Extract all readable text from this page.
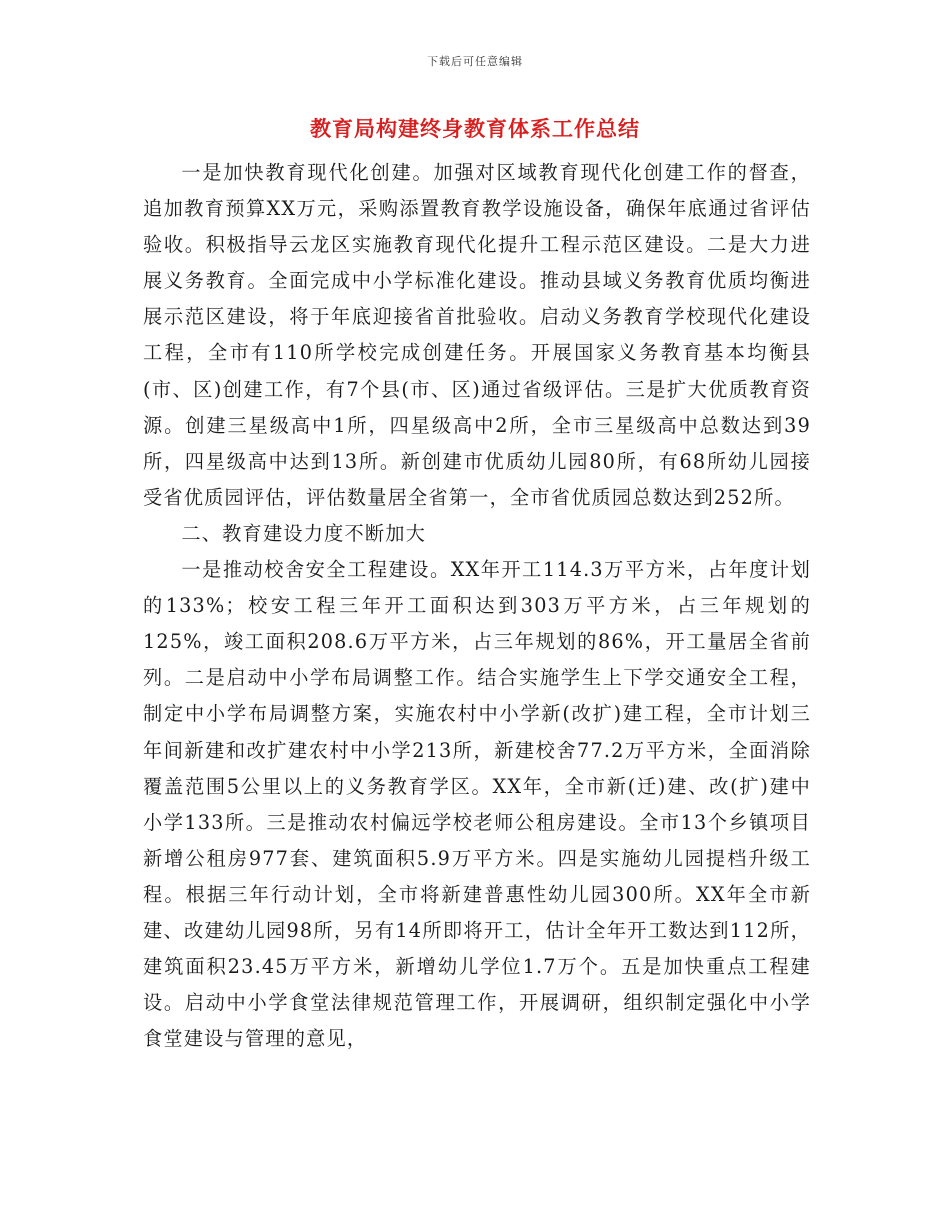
下载后可任意编辑
教育局构建终身教育体系工作总结

一是加快教育现代化创建。加强对区域教育现代化创建工作的督查，追加教育预算XX万元，采购添置教育教学设施设备，确保年底通过省评估验收。积极指导云龙区实施教育现代化提升工程示范区建设。二是大力进展义务教育。全面完成中小学标准化建设。推动县域义务教育优质均衡进展示范区建设，将于年底迎接省首批验收。启动义务教育学校现代化建设工程，全市有110所学校完成创建任务。开展国家义务教育基本均衡县(市、区)创建工作，有7个县(市、区)通过省级评估。三是扩大优质教育资源。创建三星级高中1所，四星级高中2所，全市三星级高中总数达到39所，四星级高中达到13所。新创建市优质幼儿园80所，有68所幼儿园接受省优质园评估，评估数量居全省第一，全市省优质园总数达到252所。

二、教育建设力度不断加大

一是推动校舍安全工程建设。XX年开工114.3万平方米，占年度计划的133%；校安工程三年开工面积达到303万平方米，占三年规划的125%，竣工面积208.6万平方米，占三年规划的86%，开工量居全省前列。二是启动中小学布局调整工作。结合实施学生上下学交通安全工程，制定中小学布局调整方案，实施农村中小学新(改扩)建工程，全市计划三年间新建和改扩建农村中小学213所，新建校舍77.2万平方米，全面消除覆盖范围5公里以上的义务教育学区。XX年，全市新(迁)建、改(扩)建中小学133所。三是推动农村偏远学校老师公租房建设。全市13个乡镇项目新增公租房977套、建筑面积5.9万平方米。四是实施幼儿园提档升级工程。根据三年行动计划，全市将新建普惠性幼儿园300所。XX年全市新建、改建幼儿园98所，另有14所即将开工，估计全年开工数达到112所，建筑面积23.45万平方米，新增幼儿学位1.7万个。五是加快重点工程建设。启动中小学食堂法律规范管理工作，开展调研，组织制定强化中小学食堂建设与管理的意见，
